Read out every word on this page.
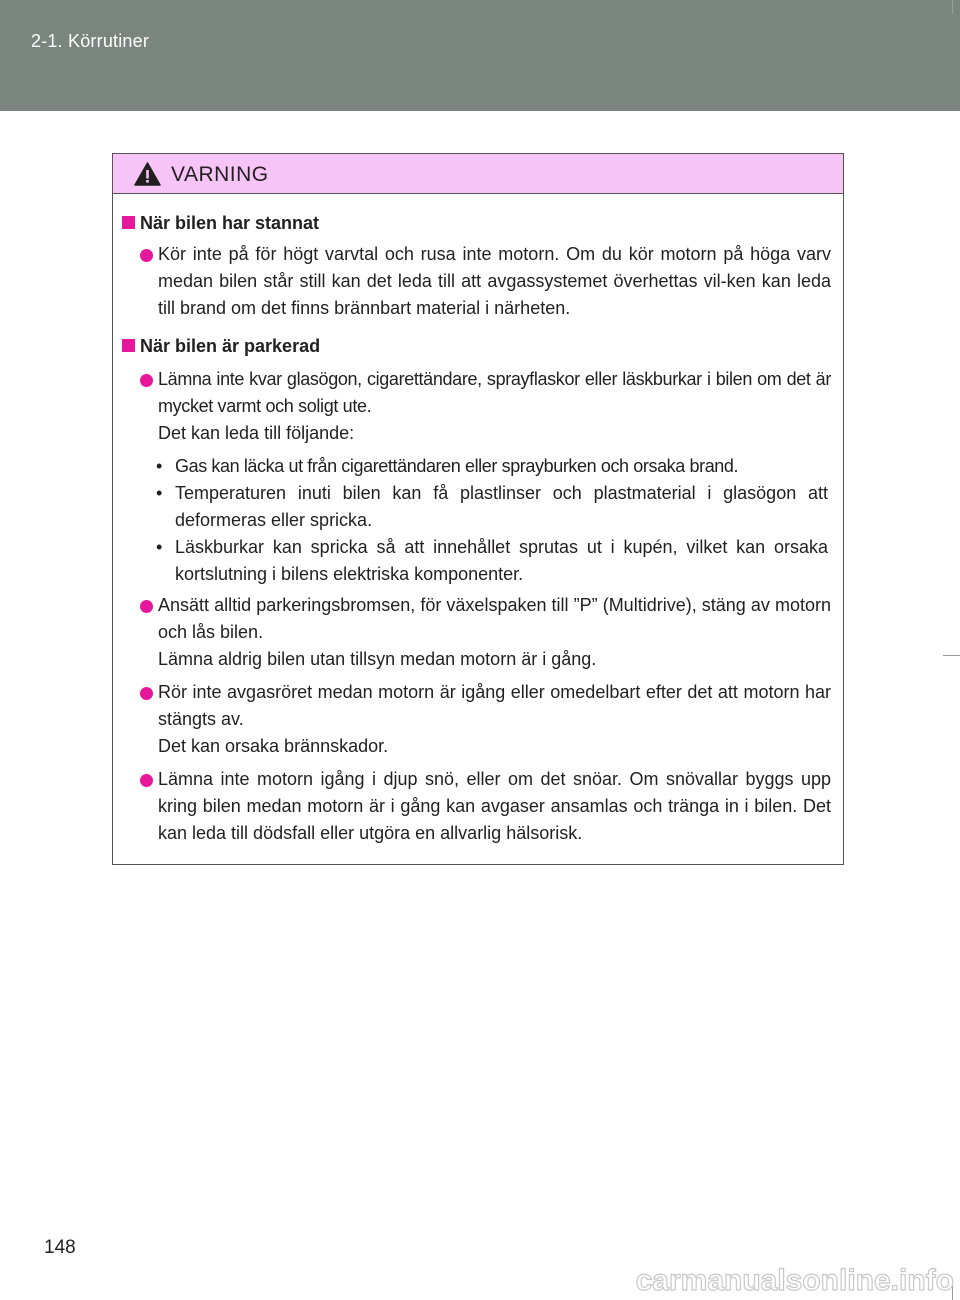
2-1. Körrutiner
VARNING
När bilen har stannat
Kör inte på för högt varvtal och rusa inte motorn. Om du kör motorn på höga varv medan bilen står still kan det leda till att avgassystemet överhettas vil-ken kan leda till brand om det finns brännbart material i närheten.
När bilen är parkerad
Lämna inte kvar glasögon, cigarettändare, sprayflaskor eller läskburkar i bilen om det är mycket varmt och soligt ute.
Det kan leda till följande:
• Gas kan läcka ut från cigarettändaren eller sprayburken och orsaka brand.
• Temperaturen inuti bilen kan få plastlinser och plastmaterial i glasögon att deformeras eller spricka.
• Läskburkar kan spricka så att innehållet sprutas ut i kupén, vilket kan orsaka kortslutning i bilens elektriska komponenter.
Ansätt alltid parkeringsbromsen, för växelspaken till ”P” (Multidrive), stäng av motorn och lås bilen.
Lämna aldrig bilen utan tillsyn medan motorn är i gång.
Rör inte avgasröret medan motorn är igång eller omedelbart efter det att motorn har stängts av.
Det kan orsaka brännskador.
Lämna inte motorn igång i djup snö, eller om det snöar. Om snövallar byggs upp kring bilen medan motorn är i gång kan avgaser ansamlas och tränga in i bilen. Det kan leda till dödsfall eller utgöra en allvarlig hälsorisk.
148
carmanualsonline.info
